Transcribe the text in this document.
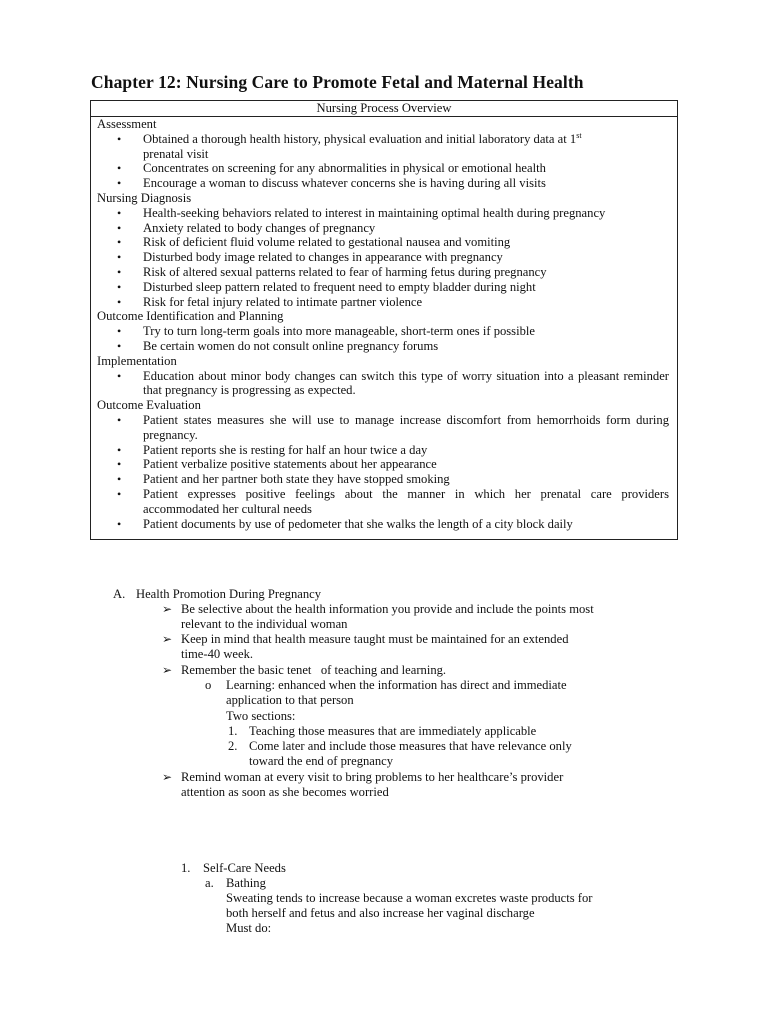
Chapter 12: Nursing Care to Promote Fetal and Maternal Health
Nursing Process Overview
Assessment
• Obtained a thorough health history, physical evaluation and initial laboratory data at 1st
prenatal visit
• Concentrates on screening for any abnormalities in physical or emotional health
• Encourage a woman to discuss whatever concerns she is having during all visits
Nursing Diagnosis
• Health-seeking behaviors related to interest in maintaining optimal health during pregnancy
• Anxiety related to body changes of pregnancy
• Risk of deficient fluid volume related to gestational nausea and vomiting
• Disturbed body image related to changes in appearance with pregnancy
• Risk of altered sexual patterns related to fear of harming fetus during pregnancy
• Disturbed sleep pattern related to frequent need to empty bladder during night
• Risk for fetal injury related to intimate partner violence
Outcome Identification and Planning
• Try to turn long-term goals into more manageable, short-term ones if possible
• Be certain women do not consult online pregnancy forums
Implementation
• Education about minor body changes can switch this type of worry situation into a pleasant reminder that pregnancy is progressing as expected.
Outcome Evaluation
• Patient states measures she will use to manage increase discomfort from hemorrhoids form during pregnancy.
• Patient reports she is resting for half an hour twice a day
• Patient verbalize positive statements about her appearance
• Patient and her partner both state they have stopped smoking
• Patient expresses positive feelings about the manner in which her prenatal care providers accommodated her cultural needs
• Patient documents by use of pedometer that she walks the length of a city block daily
A. Health Promotion During Pregnancy
➢ Be selective about the health information you provide and include the points most
relevant to the individual woman
➢ Keep in mind that health measure taught must be maintained for an extended
time-40 week.
➢ Remember the basic tenet   of teaching and learning.
o Learning: enhanced when the information has direct and immediate
application to that person
Two sections:
1. Teaching those measures that are immediately applicable
2. Come later and include those measures that have relevance only
toward the end of pregnancy
➢ Remind woman at every visit to bring problems to her healthcare’s provider
attention as soon as she becomes worried
1. Self-Care Needs
a. Bathing
Sweating tends to increase because a woman excretes waste products for
both herself and fetus and also increase her vaginal discharge
Must do:
